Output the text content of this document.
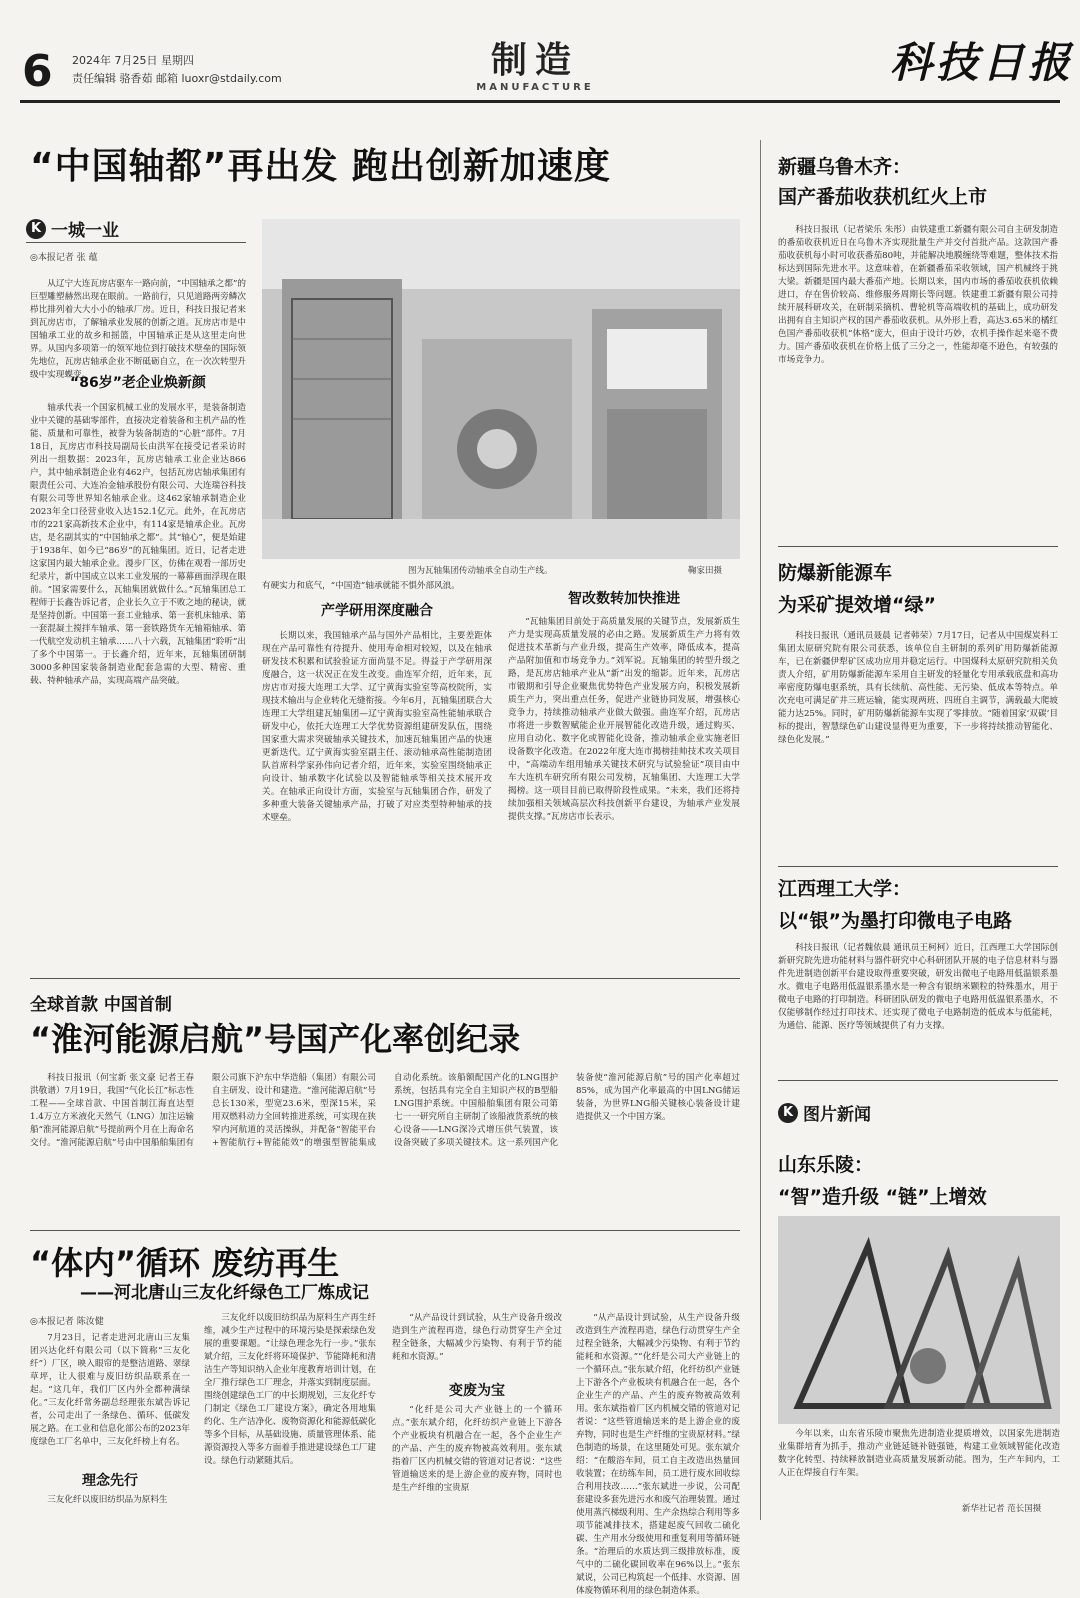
6 2024年 7月25日 星期四
责任编辑 骆香茹 邮箱 luoxr@stdaily.com	制造
MANUFACTURE
科技日报
“中国轴都”再出发 跑出创新加速度
K 一城一业
◎本报记者 张 蕴

从辽宁大连瓦房店驱车一路向前，“中国轴承之都”的巨型雕塑赫然出现在眼前。一路前行，只见道路两旁鳞次栉比排列着大大小小的轴承厂房。近日，科技日报记者来到瓦房店市，了解轴承业发展的创新之道。瓦房店市是中国轴承工业的故乡和摇篮，中国轴承正是从这里走向世界。从国内多项第一的领军地位到打破技术壁垒的国际领先地位，瓦房店轴承企业不断砥砺自立，在一次次转型升级中实现蝶变。

“86岁”老企业焕新颜

轴承代表一个国家机械工业的发展水平，是装备制造业中关键的基础零部件，直接决定着装备和主机产品的性能、质量和可靠性，被誉为装备制造的“心脏”部件。7月18日，瓦房店市科技局副局长由洪军在接受记者采访时列出一组数据：2023年，瓦房店轴承工业企业达866户，其中轴承制造企业有462户，包括瓦房店轴承集团有限责任公司、大连冶金轴承股份有限公司、大连瑞谷科技有限公司等世界知名轴承企业。这462家轴承制造企业2023年全口径营业收入达152.1亿元。此外，在瓦房店市的221家高新技术企业中，有114家是轴承企业。瓦房店，是名副其实的“中国轴承之都”。其“轴心”，便是始建于1938年、如今已“86岁”的瓦轴集团。近日，记者走进这家国内最大轴承企业。漫步厂区，仿佛在观看一部历史纪录片，新中国成立以来工业发展的一幕幕画面浮现在眼前。“国家需要什么，瓦轴集团就做什么。”瓦轴集团总工程师于长鑫告诉记者，企业长久立于不败之地的秘诀，就是坚持创新。中国第一套工业轴承、第一套机床轴承、第一套混凝土搅拌车轴承、第一套铁路货车无轴箱轴承、第一代航空发动机主轴承……八十六载，瓦轴集团“聆听”出了多个中国第一。于长鑫介绍，近年来，瓦轴集团研制3000多种国家装备制造业配套急需的大型、精密、重载、特种轴承产品，实现高端产品突破。

图为瓦轴集团传动轴承全自动生产线。	鞠家田摄

有硬实力和底气，“中国造”轴承就能不惧外部风浪。

产学研用深度融合

长期以来，我国轴承产品与国外产品相比，主要差距体现在产品可靠性有待提升、使用寿命相对较短，以及在轴承研发技术积累和试验验证方面尚显不足。得益于产学研用深度融合，这一状况正在发生改变。曲连军介绍，近年来，瓦房店市对接大连理工大学、辽宁黄海实验室等高校院所，实现技术输出与企业转化无缝衔接。今年6月，瓦轴集团联合大连理工大学组建瓦轴集团—辽宁黄海实验室高性能轴承联合研发中心，依托大连理工大学优势资源组建研发队伍，围绕国家重大需求突破轴承关键技术，加速瓦轴集团产品的快速更新迭代。辽宁黄海实验室副主任、滚动轴承高性能制造团队首席科学家孙伟向记者介绍，近年来，实验室围绕轴承正向设计、轴承数字化试验以及智能轴承等相关技术展开攻关。在轴承正向设计方面，实验室与瓦轴集团合作，研发了多种重大装备关键轴承产品，打破了对应类型特种轴承的技术壁垒。

智改数转加快推进

“瓦轴集团目前处于高质量发展的关键节点，发展新质生产力是实现高质量发展的必由之路。发展新质生产力将有效促进技术革新与产业升级，提高生产效率，降低成本，提高产品附加值和市场竞争力。”刘军说。瓦轴集团的转型升级之路，是瓦房店轴承产业从“新”出发的缩影。近年来，瓦房店市锻期和引导企业聚焦优势特色产业发展方向，积极发展新质生产力，突出重点任务，促进产业链协同发展，增强核心竞争力，持续推动轴承产业做大做强。曲连军介绍，瓦房店市将进一步数智赋能企业开展智能化改造升级，通过购买、应用自动化、数字化或智能化设备，推动轴承企业实施老旧设备数字化改造。在2022年度大连市揭榜挂帅技术攻关项目中，“高端动车组用轴承关键技术研究与试验验证”项目由中车大连机车研究所有限公司发榜，瓦轴集团、大连理工大学揭榜。这一项目目前已取得阶段性成果。“未来，我们还将持续加强相关领域高层次科技创新平台建设，为轴承产业发展提供支撑。”瓦房店市长表示。

新疆乌鲁木齐：
国产番茄收获机红火上市

科技日报讯（记者梁乐 朱彤）由铁建重工新疆有限公司自主研发制造的番茄收获机近日在乌鲁木齐实现批量生产并交付首批产品。这款国产番茄收获机每小时可收获番茄80吨，并能解决地膜缠绕等难题，整体技术指标达到国际先进水平。这意味着，在新疆番茄采收领域，国产机械终于挑大梁。新疆是国内最大番茄产地。长期以来，国内市场的番茄收获机依赖进口，存在售价较高、维修服务周期长等问题。铁建重工新疆有限公司持续开展科研攻关，在研制采摘机、曹轮机等高端收机的基础上，成功研发出拥有自主知识产权的国产番茄收获机。从外形上看，高达3.65米的橘红色国产番茄收获机“体格”庞大，但由于设计巧妙，农机手操作起来毫不费力。国产番茄收获机在价格上低了三分之一，性能却毫不逊色，有较强的市场竞争力。

防爆新能源车
为采矿提效增“绿”

科技日报讯（通讯员聂晨 记者韩荣）7月17日，记者从中国煤炭科工集团太原研究院有限公司获悉，该单位自主研制的系列矿用防爆新能源车，已在新疆伊犁矿区成功应用并稳定运行。中国煤科太原研究院相关负责人介绍，矿用防爆新能源车采用自主研发的轻量化专用承载底盘和高功率密度防爆电驱系统，具有长续航、高性能、无污染、低成本等特点。单次充电可满足矿井三班运输，能实现两班、四班自主调节，满载最大爬坡能力达25%。同时，矿用防爆新能源车实现了零排放。“随着国家‘双碳’目标的提出，智慧绿色矿山建设显得更为重要，下一步将持续推动智能化、绿色化发展。”

江西理工大学：
以“银”为墨打印微电子电路

科技日报讯（记者魏依晨 通讯员王柯柯）近日，江西理工大学国际创新研究院先进功能材料与器件研究中心科研团队开展的电子信息材料与器件先进制造创新平台建设取得重要突破，研发出微电子电路用低温银系墨水。微电子电路用低温银系墨水是一种含有银纳米颗粒的特殊墨水，用于微电子电路的打印制造。科研团队研发的微电子电路用低温银系墨水，不仅能够制作经过打印技术、还实现了微电子电路制造的低成本与低能耗，为通信、能源、医疗等领域提供了有力支撑。

K 图片新闻
山东乐陵：
“智”造升级 “链”上增效

今年以来，山东省乐陵市聚焦先进制造业提质增效，以国家先进制造业集群培育为抓手，推动产业链延链补链强链，构建工业领域智能化改造数字化转型、持续释放制造业高质量发展新动能。图为，生产车间内，工人正在焊接自行车架。

新华社记者 范长国摄
全球首款 中国首制
“淮河能源启航”号国产化率创纪录

科技日报讯（何宝新 张文豪 记者王春 洪敬谱）7月19日，我国“气化长江”标志性工程——全球首款、中国首制江海直达型1.4万立方米液化天然气（LNG）加注运输船“淮河能源启航”号提前两个月在上海命名交付。“淮河能源启航”号由中国船舶集团有限公司旗下沪东中华造船（集团）有限公司自主研发、设计和建造。“淮河能源启航”号总长130米，型宽23.6米，型深15米，采用双燃料动力全回转推进系统，可实现在狭窄内河航道的灵活操纵，并配备“智能平台+智能航行+智能能效”的增强型智能集成自动化系统。该船额配国产化的LNG围护系统，包括具有完全自主知识产权的B型船LNG围护系统。中国船舶集团有限公司第七一一研究所自主研制了该船液货系统的核心设备——LNG深冷式增压供气装置，该设备突破了多项关键技术。这一系列国产化装备使“淮河能源启航”号的国产化率超过85%，成为国产化率最高的中国LNG储运装备，为世界LNG船关键核心装备设计建造提供又一个中国方案。

“体内”循环 废纺再生
——河北唐山三友化纤绿色工厂炼成记
◎本报记者 陈汝健

7月23日，记者走进河北唐山三友集团兴达化纤有限公司（以下简称“三友化纤”）厂区，映入眼帘的是整洁道路、翠绿草坪，让人很难与废旧纺织品联系在一起。“这几年，我们厂区内外全都种满绿化。”三友化纤常务副总经理张东斌告诉记者，公司走出了一条绿色、循环、低碳发展之路。在工业和信息化部公布的2023年度绿色工厂名单中，三友化纤榜上有名。

理念先行

三友化纤以废旧纺织品为原料生

三友化纤以废旧纺织品为原料生产再生纤维，减少生产过程中的环境污染是探索绿色发展的重要课题。“让绿色理念先行一步。”张东斌介绍，三友化纤将环境保护、节能降耗和清洁生产等知识纳入企业年度教育培训计划，在全厂推行绿色工厂理念，并落实到制度层面。围绕创建绿色工厂的中长期规划，三友化纤专门制定《绿色工厂建设方案》，确定各用地集约化、生产洁净化、废物资源化和能源低碳化等多个目标，从基础设施、质量管理体系、能源资源投入等多方面着手推进建设绿色工厂建设。绿色行动紧随其后。

“从产品设计到试验，从生产设备升级改造到生产流程再造，绿色行动贯穿生产全过程全链条，大幅减少污染物、有利于节约能耗和水资源。”

变废为宝

“化纤是公司大产业链上的一个循环点。”张东斌介绍，化纤纺织产业链上下游各个产业板块有机融合在一起，各个企业生产的产品、产生的废弃物被高效利用。张东斌指着厂区内机械交错的管道对记者说：“这些管道输送来的是上游企业的废弃物，同时也是生产纤维的宝贵原

“从产品设计到试验，从生产设备升级改造到生产流程再造，绿色行动贯穿生产全过程全链条，大幅减少污染物、有利于节约能耗和水资源。”“化纤是公司大产业链上的一个循环点。”张东斌介绍，化纤纺织产业链上下游各个产业板块有机融合在一起，各个企业生产的产品、产生的废弃物被高效利用。张东斌指着厂区内机械交错的管道对记者说：“这些管道输送来的是上游企业的废弃物，同时也是生产纤维的宝贵原材料。”绿色制造的场景，在这里随处可见。张东斌介绍：“在酸浴车间，员工自主改造出热量回收装置；在纺练车间，员工进行废水回收综合利用技改……”张东斌进一步说，公司配套建设多套先进污水和废气治理装置。通过使用蒸汽梯级利用、生产余热综合利用等多项节能减排技术，搭建起废气回收二硫化碳、生产用水分级使用和重复利用等循环链条。“治理后的水质达到三级排放标准，废气中的二硫化碳回收率在96%以上。”张东斌说，公司已构筑起一个低排、水资源、固体废物循环利用的绿色制造体系。
